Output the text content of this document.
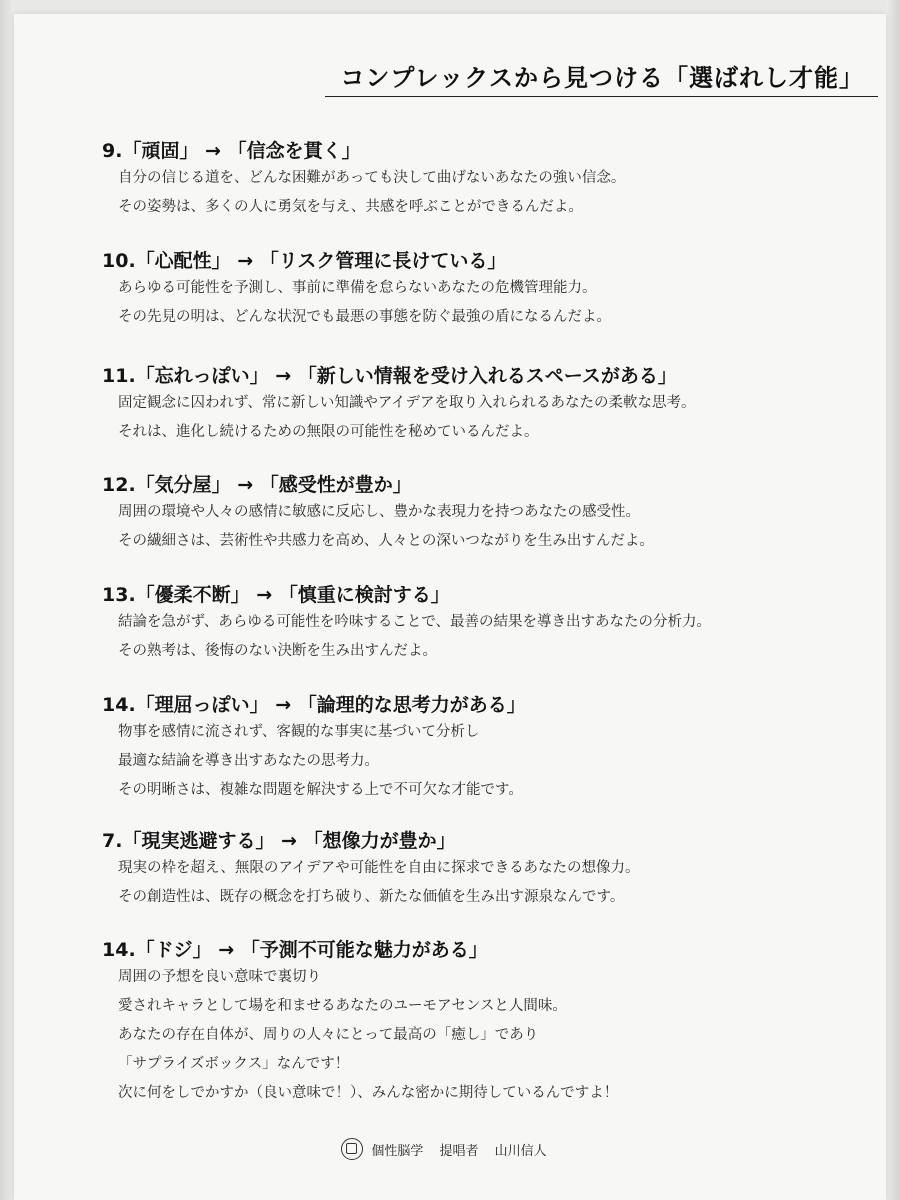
コンプレックスから見つける「選ばれし才能」
9.「頑固」 → 「信念を貫く」
自分の信じる道を、どんな困難があっても決して曲げないあなたの強い信念。
その姿勢は、多くの人に勇気を与え、共感を呼ぶことができるんだよ。
10.「心配性」 → 「リスク管理に長けている」
あらゆる可能性を予測し、事前に準備を怠らないあなたの危機管理能力。
その先見の明は、どんな状況でも最悪の事態を防ぐ最強の盾になるんだよ。
11.「忘れっぽい」 → 「新しい情報を受け入れるスペースがある」
固定観念に囚われず、常に新しい知識やアイデアを取り入れられるあなたの柔軟な思考。
それは、進化し続けるための無限の可能性を秘めているんだよ。
12.「気分屋」 → 「感受性が豊か」
周囲の環境や人々の感情に敏感に反応し、豊かな表現力を持つあなたの感受性。
その繊細さは、芸術性や共感力を高め、人々との深いつながりを生み出すんだよ。
13.「優柔不断」 → 「慎重に検討する」
結論を急がず、あらゆる可能性を吟味することで、最善の結果を導き出すあなたの分析力。
その熟考は、後悔のない決断を生み出すんだよ。
14.「理屈っぽい」 → 「論理的な思考力がある」
物事を感情に流されず、客観的な事実に基づいて分析し
最適な結論を導き出すあなたの思考力。
その明晰さは、複雑な問題を解決する上で不可欠な才能です。
7.「現実逃避する」 → 「想像力が豊か」
現実の枠を超え、無限のアイデアや可能性を自由に探求できるあなたの想像力。
その創造性は、既存の概念を打ち破り、新たな価値を生み出す源泉なんです。
14.「ドジ」 → 「予測不可能な魅力がある」
周囲の予想を良い意味で裏切り
愛されキャラとして場を和ませるあなたのユーモアセンスと人間味。
あなたの存在自体が、周りの人々にとって最高の「癒し」であり
「サプライズボックス」なんです！
次に何をしでかすか（良い意味で！）、みんな密かに期待しているんですよ！
個性脳学 提唱者 山川信人
